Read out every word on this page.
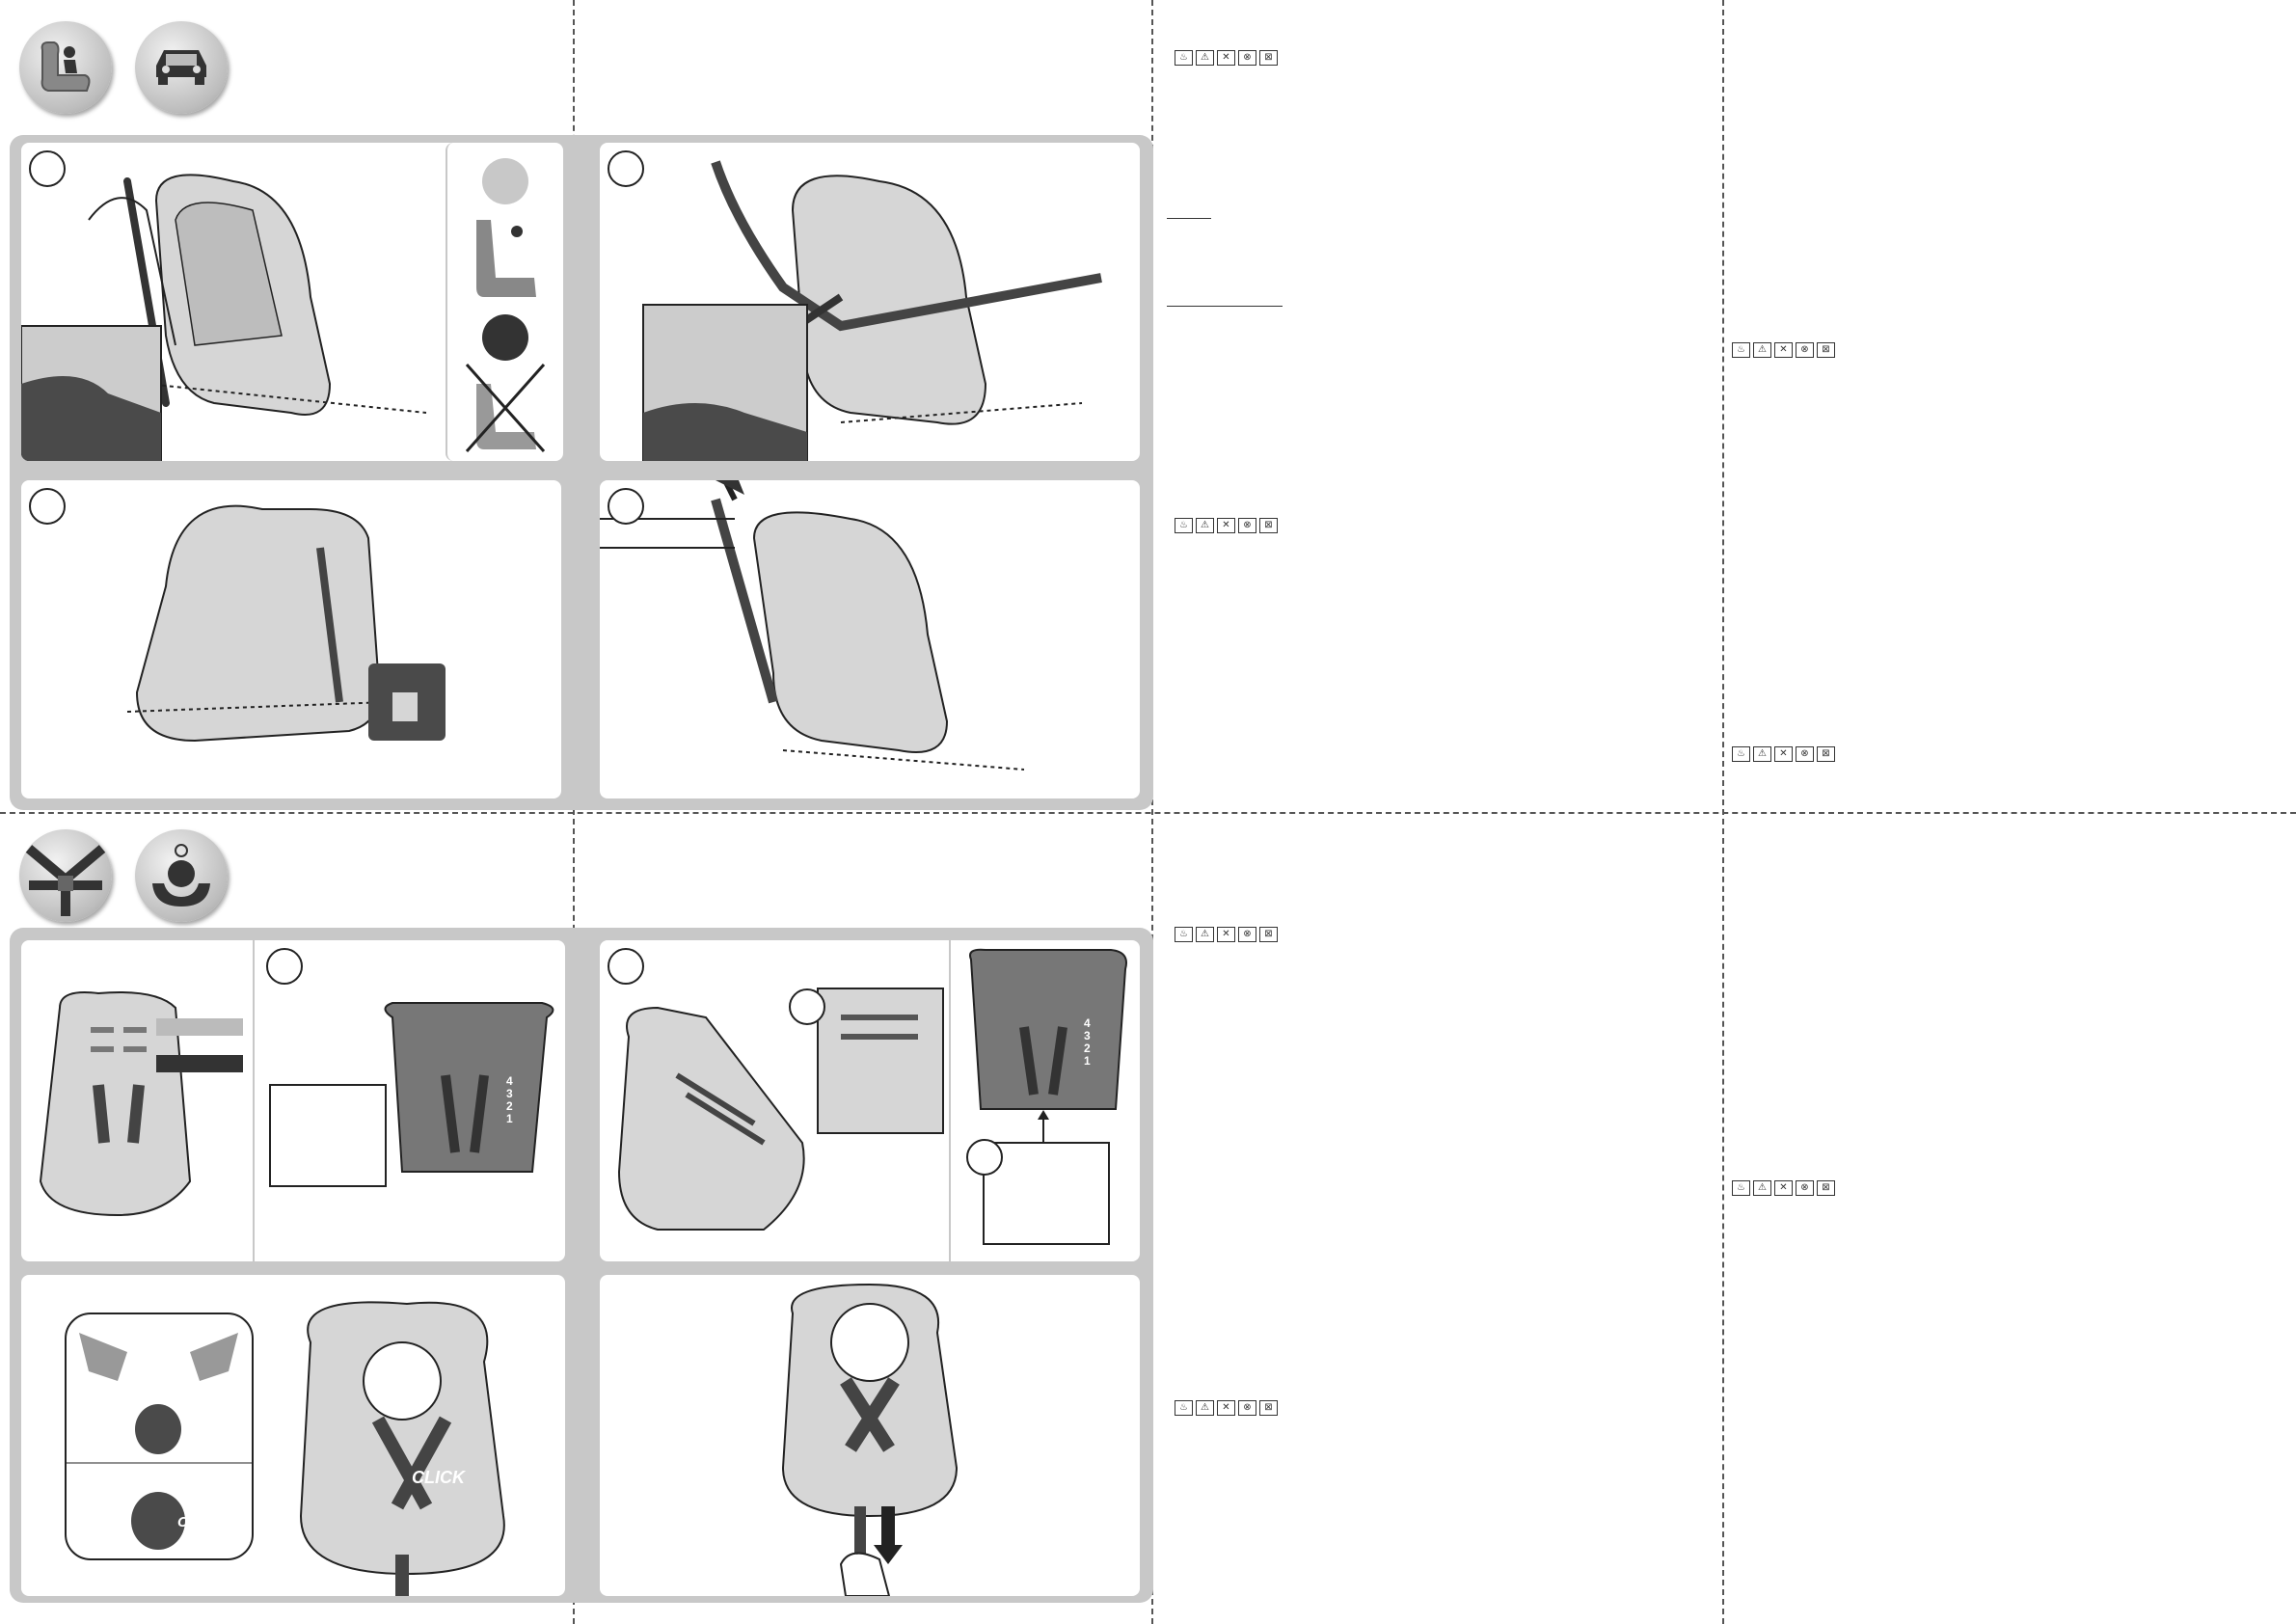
4
3
2
1
4
3
2
1
CLICK
CLICK
♨	⚠	✕	⊗	⊠
♨	⚠	✕	⊗	⊠
♨	⚠	✕	⊗	⊠
♨	⚠	✕	⊗	⊠
♨	⚠	✕	⊗	⊠
♨	⚠	✕	⊗	⊠
♨	⚠	✕	⊗	⊠
